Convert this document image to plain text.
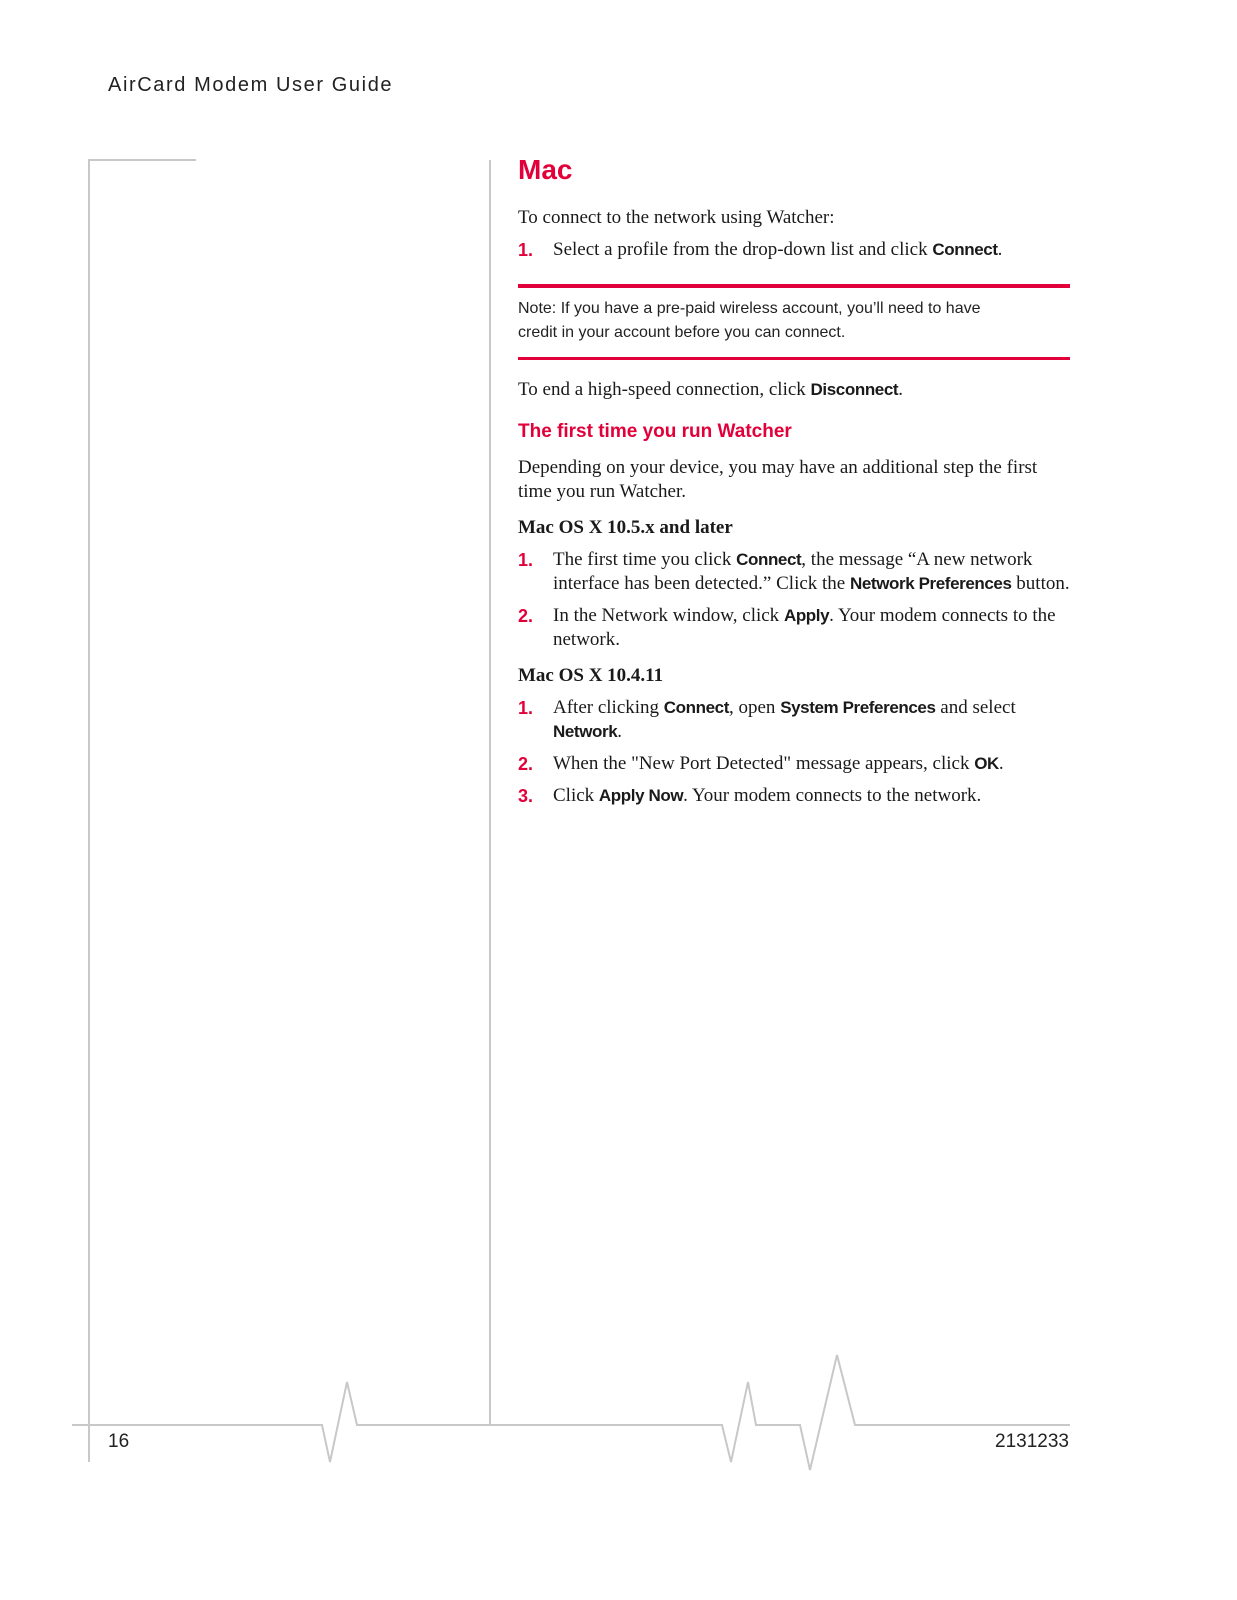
AirCard Modem User Guide
Mac

To connect to the network using Watcher:

1.	Select a profile from the drop-down list and click Connect.
Note: If you have a pre-paid wireless account, you’ll need to have
credit in your account before you can connect.

To end a high-speed connection, click Disconnect.

The first time you run Watcher

Depending on your device, you may have an additional step the first time you run Watcher.

Mac OS X 10.5.x and later
1.	The first time you click Connect, the message “A new network interface has been detected.” Click the Network Preferences button.
2.	In the Network window, click Apply. Your modem connects to the network.
Mac OS X 10.4.11
1.	After clicking Connect, open System Preferences and select Network.
2.	When the "New Port Detected" message appears, click OK.
3.	Click Apply Now. Your modem connects to the network.
16	2131233
